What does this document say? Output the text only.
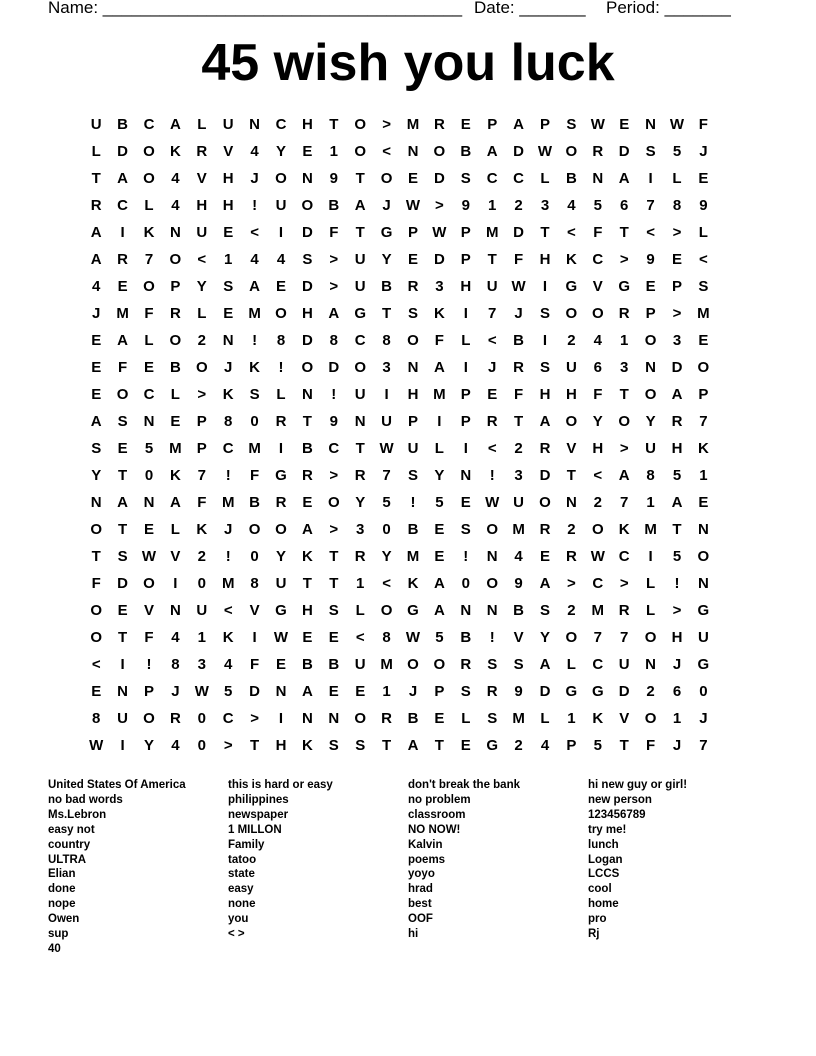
Name: ______________________________________

Date: _______

Period: _______

45 wish you luck
U	B	C	A	L	U	N	C	H	T	O	>	M R	E	P	A	P	S W E	N W F
L	D	O	K	R	V	4	Y	E	1	O	<	N	O	B	A	D W O	R	D	S	5	J
T	A	O	4	V	H	J	O	N	9	T	O	E	D	S	C	C	L	B	N	A	I	L	E
R	C	L	4	H	H	!	U	O	B	A	J	W >	9	1	2	3	4	5	6	7	8	9
A	I	K	N	U	E	<	I	D	F	T	G	P W P	M D	T	<	F	T	<	>	L
A	R	7	O	<	1	4	4	S	>	U	Y	E	D	P	T	F	H	K	C	>	9	E	<
4	E	O	P	Y	S	A	E	D	>	U	B	R	3	H	U W	I	G	V	G	E	P	S
J	M	F	R	L	E	M O	H	A	G	T	S	K	I	7	J	S	O O	R	P	>	M
E	A	L	O	2	N	!	8	D	8	C	8	O	F	L	<	B	I	2	4	1	O	3	E
E	F	E	B	O	J	K	!	O	D	O	3	N	A	I	J	R	S	U	6	3	N	D	O
E	O	C	L	>	K	S	L	N	!	U	I	H M	P	E	F	H	H	F	T	O	A	P
A	S	N	E	P	8	0	R	T	9	N	U	P	I	P	R	T	A	O	Y	O	Y	R	7
S	E	5	M	P	C M	I	B	C	T W U	L	I	<	2	R	V	H	>	U	H	K
Y	T	0	K	7	!	F	G	R	>	R	7	S	Y	N	!	3	D	T	<	A	8	5	1
N	A	N	A	F	M B	R	E	O	Y	5	!	5	E W U	O	N	2	7	1	A	E
O	T	E	L	K	J	O O	A	>	3	0	B	E	S	O M R	2	O	K M	T	N
T	S W V	2	!	0	Y	K	T	R	Y	M	E	!	N	4	E	R W C	I	5	O
F	D	O	I	0	M	8	U	T	T	1	<	K	A	0	O	9	A	>	C	>	L	!	N
O	E	V	N	U	<	V	G	H	S	L	O G	A	N	N	B	S	2	M R	L	>	G
O	T	F	4	1	K	I	W E	E	<	8	W	5	B	!	V	Y	O	7	7	O	H	U
<	I	!	8	3	4	F	E	B	B	U M O O	R	S	S	A	L	C	U	N	J	G
E	N	P	J	W	5	D	N	A	E	E	1	J	P	S	R	9	D	G G	D	2	6	0
8	U	O	R	0	C	>	I	N	N	O	R	B	E	L	S	M	L	1	K	V	O	1	J
W	I	Y	4	0	>	T	H	K	S	S	T	A	T	E	G	2	4	P	5	T	F	J	7
United States Of America
no bad words
Ms.Lebron
easy not
country
ULTRA
Elian
done
nope
Owen
sup
40
this is hard or easy
philippines
newspaper
1 MILLON
Family
tatoo
state
easy
none
you
< >
don't break the bank
no problem
classroom
NO NOW!
Kalvin
poems
yoyo
hrad
best
OOF
hi
hi new guy or girl!
new person
123456789
try me!
lunch
Logan
LCCS
cool
home
pro
Rj
